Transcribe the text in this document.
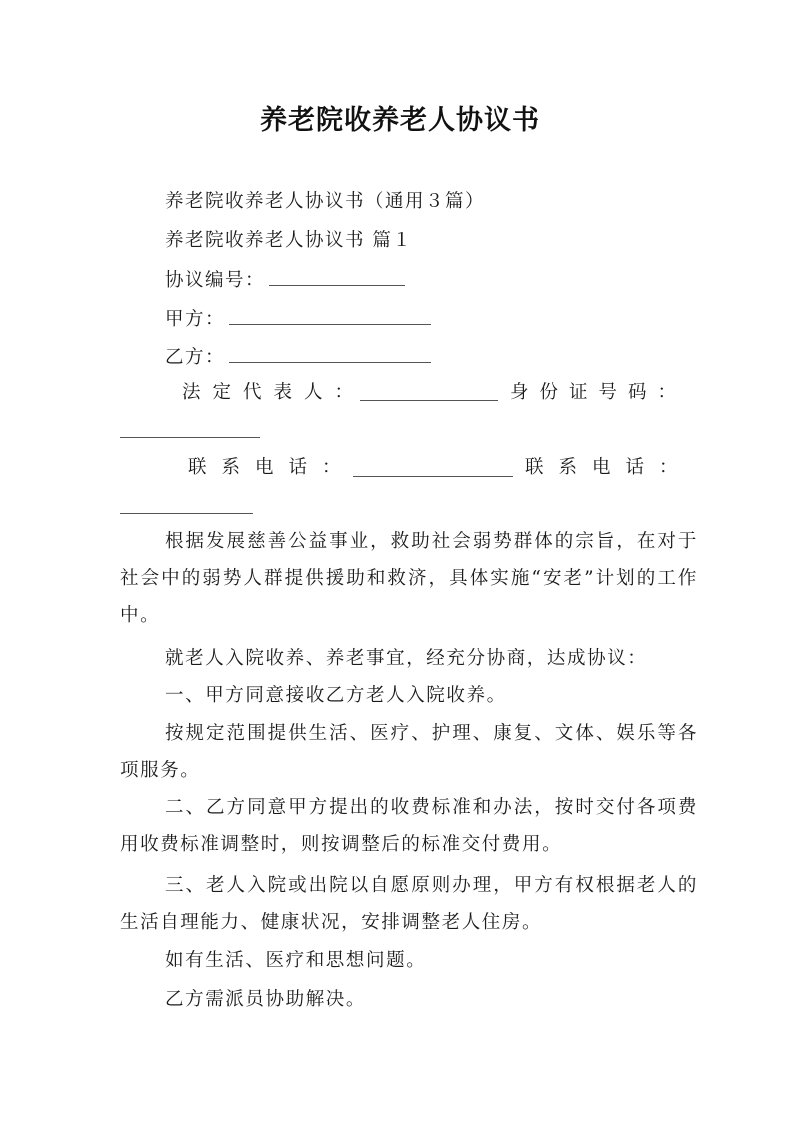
养老院收养老人协议书
养老院收养老人协议书（通用３篇）
养老院收养老人协议书 篇１
协议编号：
甲方：
乙方：
法定代表人：	身份证号码：
联系电话：	联系电话：
根据发展慈善公益事业，救助社会弱势群体的宗旨，在对于社会中的弱势人群提供援助和救济，具体实施“安老”计划的工作中。
就老人入院收养、养老事宜，经充分协商，达成协议：
一、甲方同意接收乙方老人入院收养。
按规定范围提供生活、医疗、护理、康复、文体、娱乐等各项服务。
二、乙方同意甲方提出的收费标准和办法，按时交付各项费用收费标准调整时，则按调整后的标准交付费用。
三、老人入院或出院以自愿原则办理，甲方有权根据老人的生活自理能力、健康状况，安排调整老人住房。
如有生活、医疗和思想问题。
乙方需派员协助解决。
